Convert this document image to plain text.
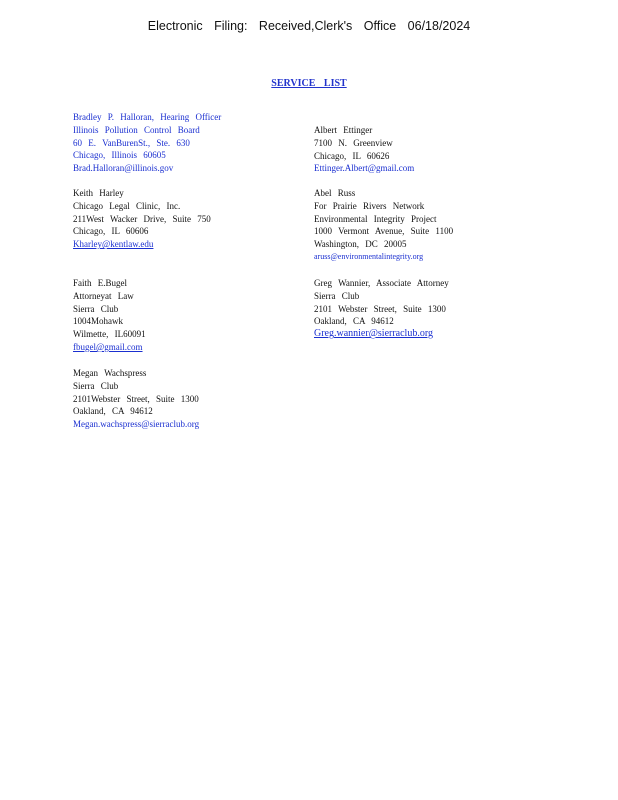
Electronic Filing: Received,Clerk's Office 06/18/2024
SERVICE LIST
Bradley P. Halloran, Hearing Officer
Illinois Pollution Control Board
60 E. VanBurenSt., Ste. 630
Chicago, Illinois 60605
Brad.Halloran@illinois.gov
Keith Harley
Chicago Legal Clinic, Inc.
211West Wacker Drive, Suite 750
Chicago, IL 60606
Kharley@kentlaw.edu
Faith E.Bugel
Attorneyat Law
Sierra Club
1004Mohawk
Wilmette, IL60091
fbugel@gmail.com
Megan Wachspress
Sierra Club
2101Webster Street, Suite 1300
Oakland, CA 94612
Megan.wachspress@sierraclub.org
Albert Ettinger
7100 N. Greenview
Chicago, IL 60626
Ettinger.Albert@gmail.com
Abel Russ
For Prairie Rivers Network
Environmental Integrity Project
1000 Vermont Avenue, Suite 1100
Washington, DC 20005
aruss@environmentalintegrity.org
Greg Wannier, Associate Attorney
Sierra Club
2101 Webster Street, Suite 1300
Oakland, CA 94612
Greg.wannier@sierraclub.org
